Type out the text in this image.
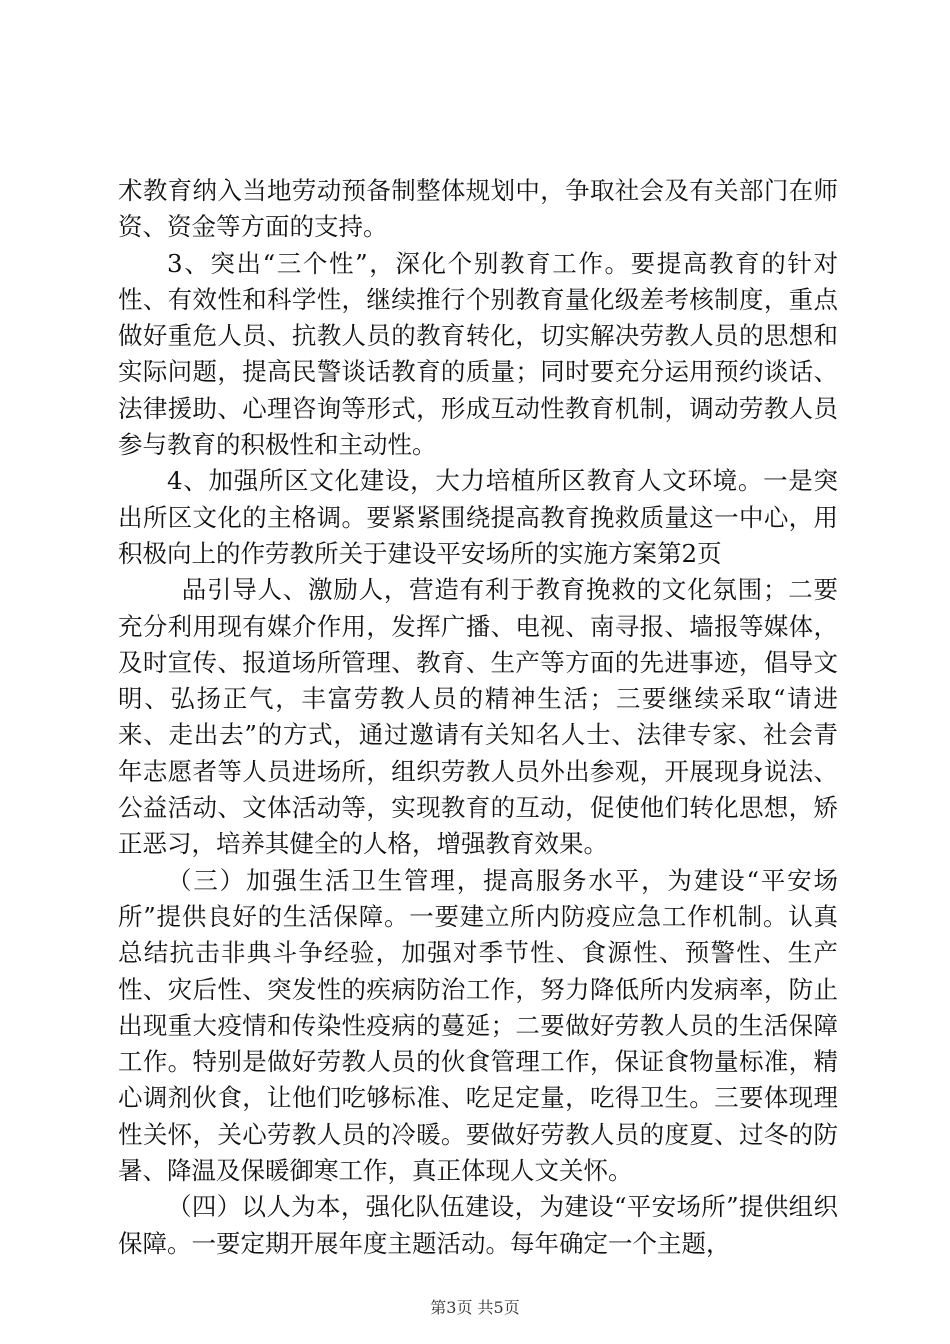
术教育纳入当地劳动预备制整体规划中，争取社会及有关部门在师资、资金等方面的支持。

3、突出“三个性”，深化个别教育工作。要提高教育的针对性、有效性和科学性，继续推行个别教育量化级差考核制度，重点做好重危人员、抗教人员的教育转化，切实解决劳教人员的思想和实际问题，提高民警谈话教育的质量；同时要充分运用预约谈话、法律援助、心理咨询等形式，形成互动性教育机制，调动劳教人员参与教育的积极性和主动性。

4、加强所区文化建设，大力培植所区教育人文环境。一是突出所区文化的主格调。要紧紧围绕提高教育挽救质量这一中心，用积极向上的作劳教所关于建设平安场所的实施方案第2页

品引导人、激励人，营造有利于教育挽救的文化氛围；二要充分利用现有媒介作用，发挥广播、电视、南寻报、墙报等媒体，及时宣传、报道场所管理、教育、生产等方面的先进事迹，倡导文明、弘扬正气，丰富劳教人员的精神生活；三要继续采取“请进来、走出去”的方式，通过邀请有关知名人士、法律专家、社会青年志愿者等人员进场所，组织劳教人员外出参观，开展现身说法、公益活动、文体活动等，实现教育的互动，促使他们转化思想，矫正恶习，培养其健全的人格，增强教育效果。

（三）加强生活卫生管理，提高服务水平，为建设“平安场所”提供良好的生活保障。一要建立所内防疫应急工作机制。认真总结抗击非典斗争经验，加强对季节性、食源性、预警性、生产性、灾后性、突发性的疾病防治工作，努力降低所内发病率，防止出现重大疫情和传染性疫病的蔓延；二要做好劳教人员的生活保障工作。特别是做好劳教人员的伙食管理工作，保证食物量标准，精心调剂伙食，让他们吃够标准、吃足定量，吃得卫生。三要体现理性关怀，关心劳教人员的冷暖。要做好劳教人员的度夏、过冬的防暑、降温及保暖御寒工作，真正体现人文关怀。

（四）以人为本，强化队伍建设，为建设“平安场所”提供组织保障。一要定期开展年度主题活动。每年确定一个主题，

第3页 共5页
